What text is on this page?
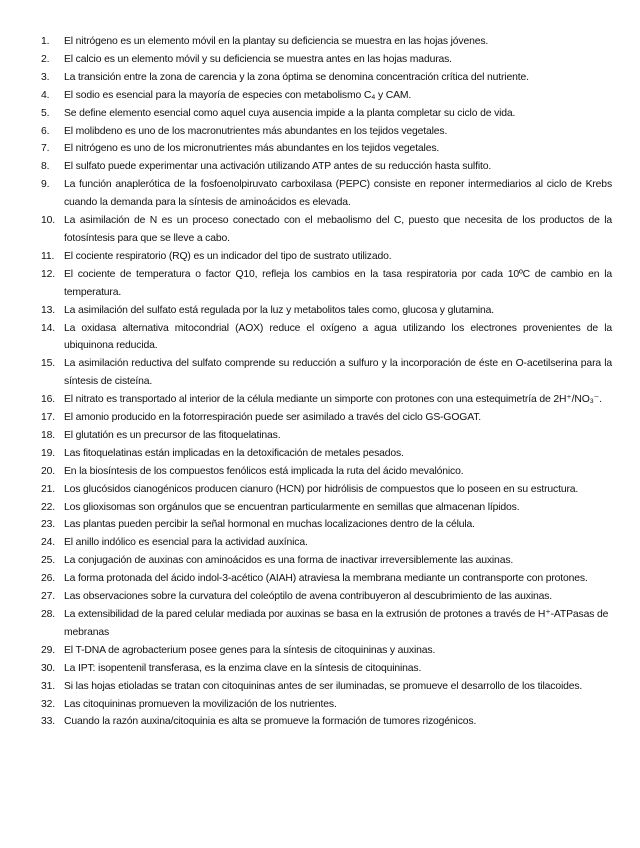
1.	El nitrógeno es un elemento móvil en la plantay su deficiencia se muestra en las hojas jóvenes.
2.	El calcio es un elemento móvil y su deficiencia se muestra antes en las hojas maduras.
3.	La transición entre la zona de carencia y la zona óptima se denomina concentración crítica del nutriente.
4.	El sodio es esencial para la mayoría de especies con metabolismo C₄ y CAM.
5.	Se define elemento esencial como aquel cuya ausencia impide a la planta completar su ciclo de vida.
6.	El molibdeno es uno de los macronutrientes más abundantes en los tejidos vegetales.
7.	El nitrógeno es uno de los micronutrientes más abundantes en los tejidos vegetales.
8.	El sulfato puede experimentar una activación utilizando ATP antes de su reducción hasta sulfito.
9.	La función anaplerótica de la fosfoenolpiruvato carboxilasa (PEPC) consiste en reponer intermediarios al ciclo de Krebs cuando la demanda para la síntesis de aminoácidos es elevada.
10. La asimilación de N es un proceso conectado con el mebaolismo del C, puesto que necesita de los productos de la fotosíntesis para que se lleve a cabo.
11. El cociente respiratorio (RQ) es un indicador del tipo de sustrato utilizado.
12. El cociente de temperatura o factor Q10, refleja los cambios en la tasa respiratoria por cada 10ºC de cambio en la temperatura.
13. La asimilación del sulfato está regulada por la luz y metabolitos tales como, glucosa y glutamina.
14. La oxidasa alternativa mitocondrial (AOX) reduce el oxígeno a agua utilizando los electrones provenientes de la ubiquinona reducida.
15. La asimilación reductiva del sulfato comprende su reducción a sulfuro y la incorporación de éste en O-acetilserina para la síntesis de cisteína.
16. El nitrato es transportado al interior de la célula mediante un simporte con protones con una estequimetría de 2H⁺/NO₃⁻.
17. El amonio producido en la fotorrespiración puede ser asimilado a través del ciclo GS-GOGAT.
18. El glutatión es un precursor de las fitoquelatinas.
19. Las fitoquelatinas están implicadas en la detoxificación de metales pesados.
20. En la biosíntesis de los compuestos fenólicos está implicada la ruta del ácido mevalónico.
21. Los glucósidos cianogénicos producen cianuro (HCN) por hidrólisis de compuestos que lo poseen en su estructura.
22. Los glioxisomas son orgánulos que se encuentran particularmente en semillas que almacenan lípidos.
23. Las plantas pueden percibir la señal hormonal en muchas localizaciones dentro de la célula.
24. El anillo indólico es esencial para la actividad auxínica.
25. La conjugación de auxinas con aminoácidos es una forma de inactivar irreversiblemente las auxinas.
26. La forma protonada del ácido indol-3-acético (AIAH) atraviesa la membrana mediante un contransporte con protones.
27. Las observaciones sobre la curvatura del coleóptilo de avena contribuyeron al descubrimiento de las auxinas.
28. La extensibilidad de la pared celular mediada por auxinas se basa en la extrusión de protones a través de H⁺-ATPasas de mebranas
29. El T-DNA de agrobacterium posee genes para la síntesis de citoquininas y auxinas.
30. La IPT: isopentenil transferasa, es la enzima clave en la síntesis de citoquininas.
31. Si las hojas etioladas se tratan con citoquininas antes de ser iluminadas, se promueve el desarrollo de los tilacoides.
32. Las citoquininas promueven la movilización de los nutrientes.
33. Cuando la razón auxina/citoquinia es alta se promueve la formación de tumores rizogénicos.
